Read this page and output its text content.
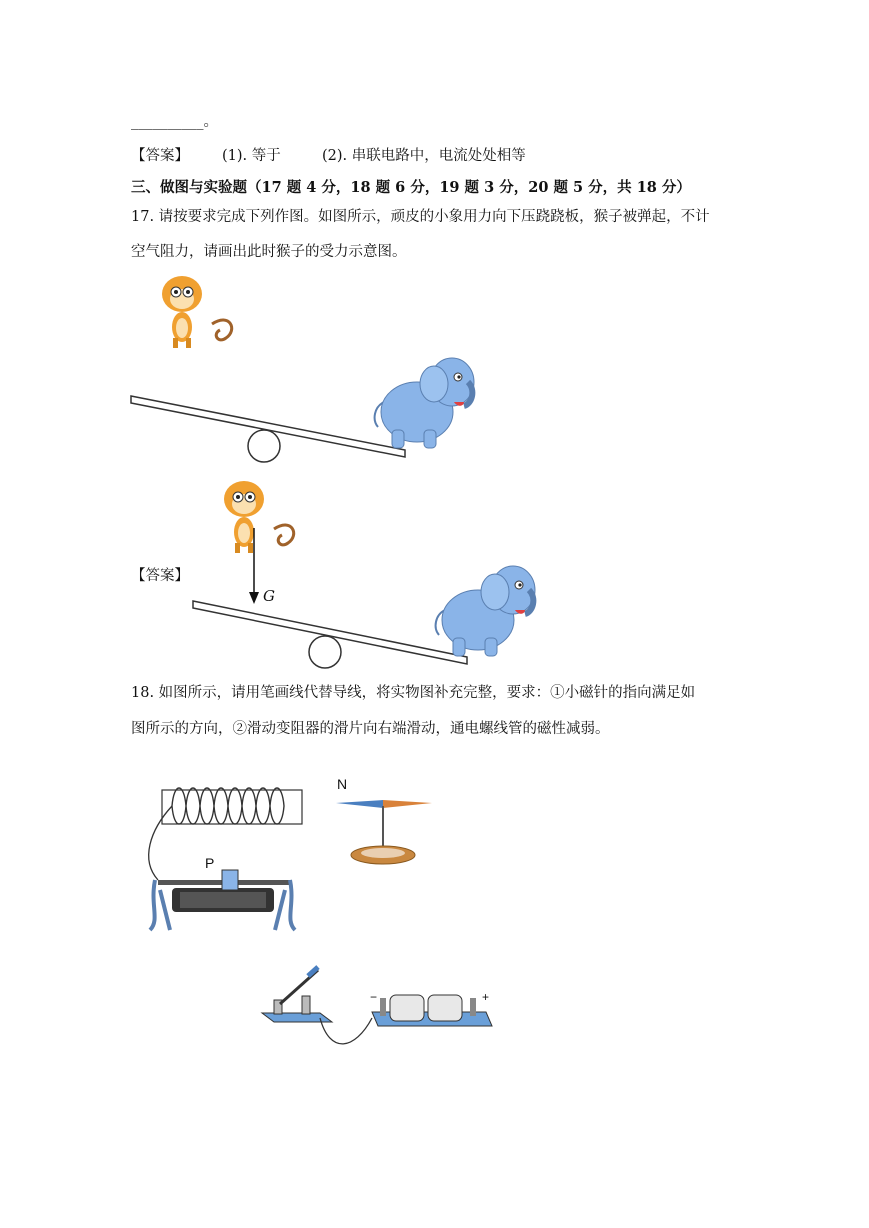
__________。
【答案】 (1). 等于	(2). 串联电路中，电流处处相等
三、做图与实验题（17 题 4 分，18 题 6 分，19 题 3 分，20 题 5 分，共 18 分）
17. 请按要求完成下列作图。如图所示，顽皮的小象用力向下压跷跷板，猴子被弹起，不计
空气阻力，请画出此时猴子的受力示意图。
【答案】
G
18. 如图所示，请用笔画线代替导线，将实物图补充完整，要求：①小磁针的指向满足如
图所示的方向，②滑动变阻器的滑片向右端滑动，通电螺线管的磁性减弱。
N
P
−	+
